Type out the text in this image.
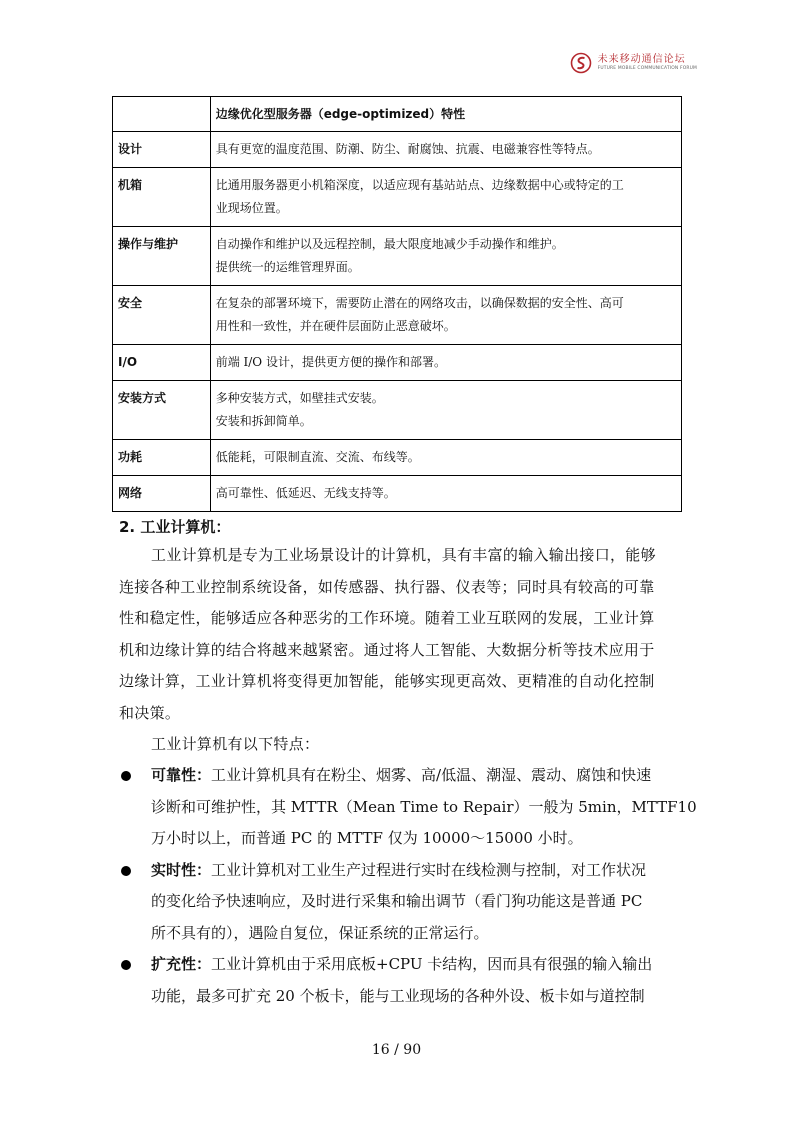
未来移动通信论坛
FUTURE MOBILE COMMUNICATION FORUM
	边缘优化型服务器（edge-optimized）特性
设计	具有更宽的温度范围、防潮、防尘、耐腐蚀、抗震、电磁兼容性等特点。

机箱	比通用服务器更小机箱深度，以适应现有基站站点、边缘数据中心或特定的工
业现场位置。

操作与维护	自动操作和维护以及远程控制，最大限度地减少手动操作和维护。
提供统一的运维管理界面。

安全	在复杂的部署环境下，需要防止潜在的网络攻击，以确保数据的安全性、高可
用性和一致性，并在硬件层面防止恶意破坏。

I/O	前端 I/O 设计，提供更方便的操作和部署。

安装方式	多种安装方式，如壁挂式安装。
安装和拆卸简单。

功耗	低能耗，可限制直流、交流、布线等。

网络	高可靠性、低延迟、无线支持等。
2. 工业计算机：
工业计算机是专为工业场景设计的计算机，具有丰富的输入输出接口，能够
连接各种工业控制系统设备，如传感器、执行器、仪表等；同时具有较高的可靠
性和稳定性，能够适应各种恶劣的工作环境。随着工业互联网的发展，工业计算
机和边缘计算的结合将越来越紧密。通过将人工智能、大数据分析等技术应用于
边缘计算，工业计算机将变得更加智能，能够实现更高效、更精准的自动化控制
和决策。
工业计算机有以下特点：
可靠性：工业计算机具有在粉尘、烟雾、高/低温、潮湿、震动、腐蚀和快速
诊断和可维护性，其 MTTR（Mean Time to Repair）一般为 5min，MTTF10
万小时以上，而普通 PC 的 MTTF 仅为 10000～15000 小时。
实时性：工业计算机对工业生产过程进行实时在线检测与控制，对工作状况
的变化给予快速响应，及时进行采集和输出调节（看门狗功能这是普通 PC
所不具有的），遇险自复位，保证系统的正常运行。
扩充性：工业计算机由于采用底板+CPU 卡结构，因而具有很强的输入输出
功能，最多可扩充 20 个板卡，能与工业现场的各种外设、板卡如与道控制
16 / 90
